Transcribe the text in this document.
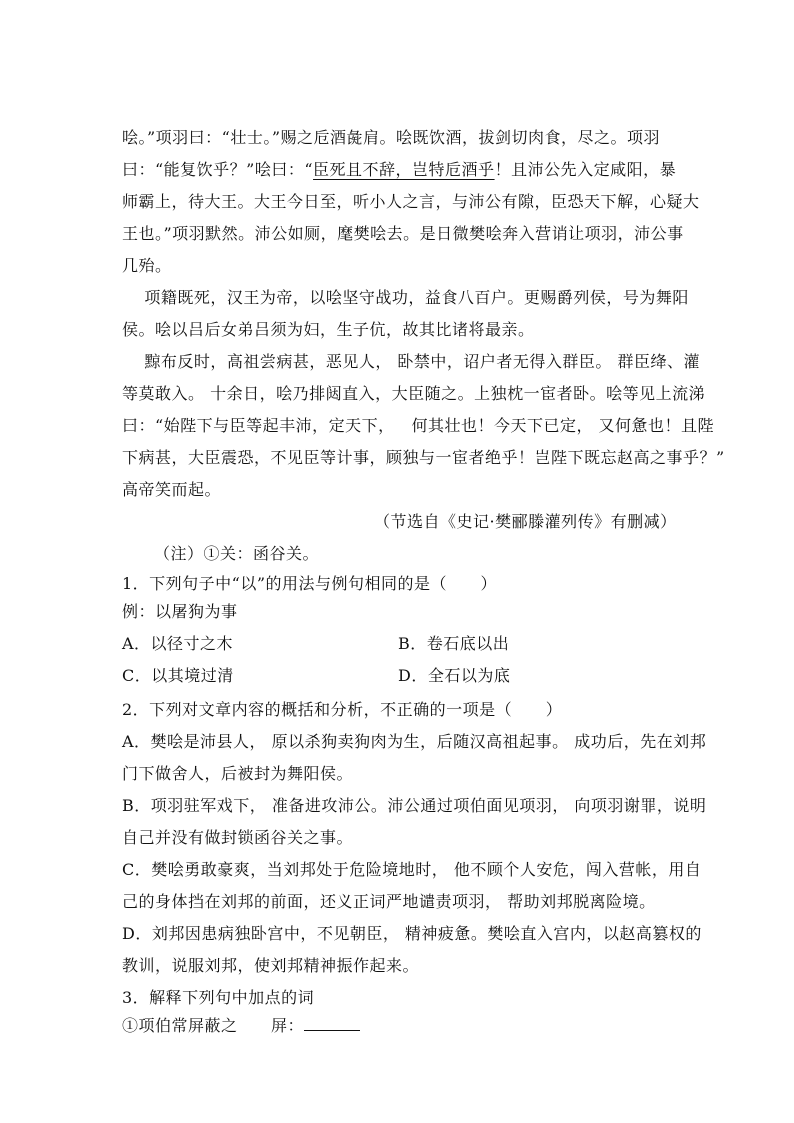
哙。”项羽曰：“壮士。”赐之卮酒彘肩。哙既饮酒，拔剑切肉食，尽之。项羽
曰：“能复饮乎？”哙曰：“臣死且不辞，岂特卮酒乎！且沛公先入定咸阳，暴
师霸上，待大王。大王今日至，听小人之言，与沛公有隙，臣恐天下解，心疑大
王也。”项羽默然。沛公如厕，麾樊哙去。是日微樊哙奔入营诮让项羽，沛公事
几殆。
项籍既死，汉王为帝，以哙坚守战功，益食八百户。更赐爵列侯，号为舞阳
侯。哙以吕后女弟吕须为妇，生子伉，故其比诸将最亲。
黥布反时，高祖尝病甚，恶见人， 卧禁中，诏户者无得入群臣。 群臣绛、灌
等莫敢入。 十余日，哙乃排闼直入，大臣随之。上独枕一宦者卧。哙等见上流涕
曰：“始陛下与臣等起丰沛，定天下，   何其壮也！今天下已定， 又何惫也！且陛
下病甚，大臣震恐，不见臣等计事，顾独与一宦者绝乎！岂陛下既忘赵高之事乎？”
高帝笑而起。
（节选自《史记·樊郦滕灌列传》有删减）
（注）①关：函谷关。
1．下列句子中“以”的用法与例句相同的是（      ）
例：以屠狗为事
A．以径寸之木	B．卷石底以出
C．以其境过清	D．全石以为底
2．下列对文章内容的概括和分析，不正确的一项是（      ）
A．樊哙是沛县人， 原以杀狗卖狗肉为生，后随汉高祖起事。 成功后，先在刘邦
门下做舍人，后被封为舞阳侯。
B．项羽驻军戏下， 准备进攻沛公。沛公通过项伯面见项羽， 向项羽谢罪，说明
自己并没有做封锁函谷关之事。
C．樊哙勇敢豪爽，当刘邦处于危险境地时， 他不顾个人安危，闯入营帐，用自
己的身体挡在刘邦的前面，还义正词严地谴责项羽， 帮助刘邦脱离险境。
D．刘邦因患病独卧宫中，不见朝臣， 精神疲惫。樊哙直入宫内，以赵高篡权的
教训，说服刘邦，使刘邦精神振作起来。
3．解释下列句中加点的词
①项伯常屏蔽之      屏：
